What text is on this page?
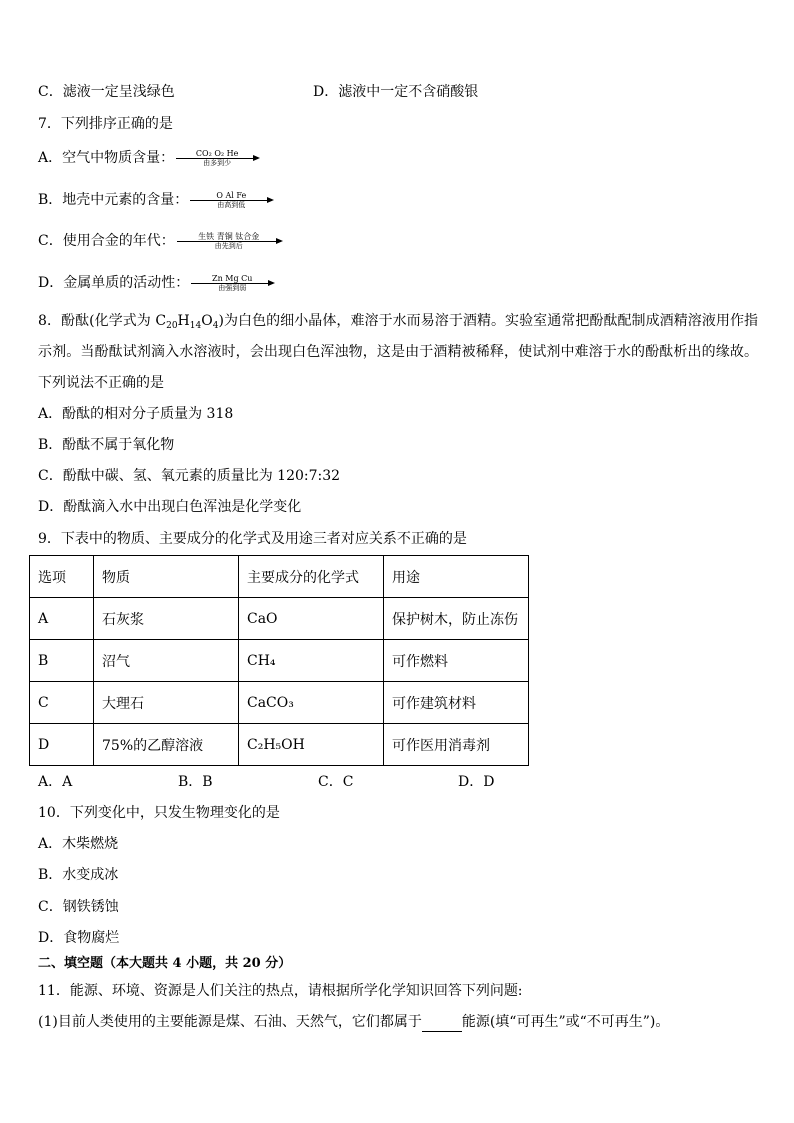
C．滤液一定呈浅绿色	D．滤液中一定不含硝酸银
7．下列排序正确的是
A．空气中物质含量：	CO₂ O₂ He
由多到少
B．地壳中元素的含量：	O Al Fe
由高到低
C．使用合金的年代：	生铁 青铜 钛合金
由先到后
D．金属单质的活动性：	Zn Mg Cu
由强到弱
8．酚酞(化学式为 $C_{20}H_{14}O_4$)为白色的细小晶体，难溶于水而易溶于酒精。实验室通常把酚酞配制成酒精溶液用作指示剂。当酚酞试剂滴入水溶液时，会出现白色浑浊物，这是由于酒精被稀释，使试剂中难溶于水的酚酞析出的缘故。下列说法不正确的是
A．酚酞的相对分子质量为 318
B．酚酞不属于氧化物
C．酚酞中碳、氢、氧元素的质量比为 120:7:32
D．酚酞滴入水中出现白色浑浊是化学变化
9．下表中的物质、主要成分的化学式及用途三者对应关系不正确的是
选项	物质	主要成分的化学式	用途
A	石灰浆	CaO	保护树木，防止冻伤
B	沼气	CH₄	可作燃料
C	大理石	CaCO₃	可作建筑材料
D	75%的乙醇溶液	C₂H₅OH	可作医用消毒剂
A．A	B．B	C．C	D．D
10．下列变化中，只发生物理变化的是
A．木柴燃烧
B．水变成冰
C．钢铁锈蚀
D．食物腐烂
二、填空题（本大题共 4 小题，共 20 分）
11．能源、环境、资源是人们关注的热点，请根据所学化学知识回答下列问题:
(1)目前人类使用的主要能源是煤、石油、天然气，它们都属于	能源(填“可再生”或“不可再生”)。
